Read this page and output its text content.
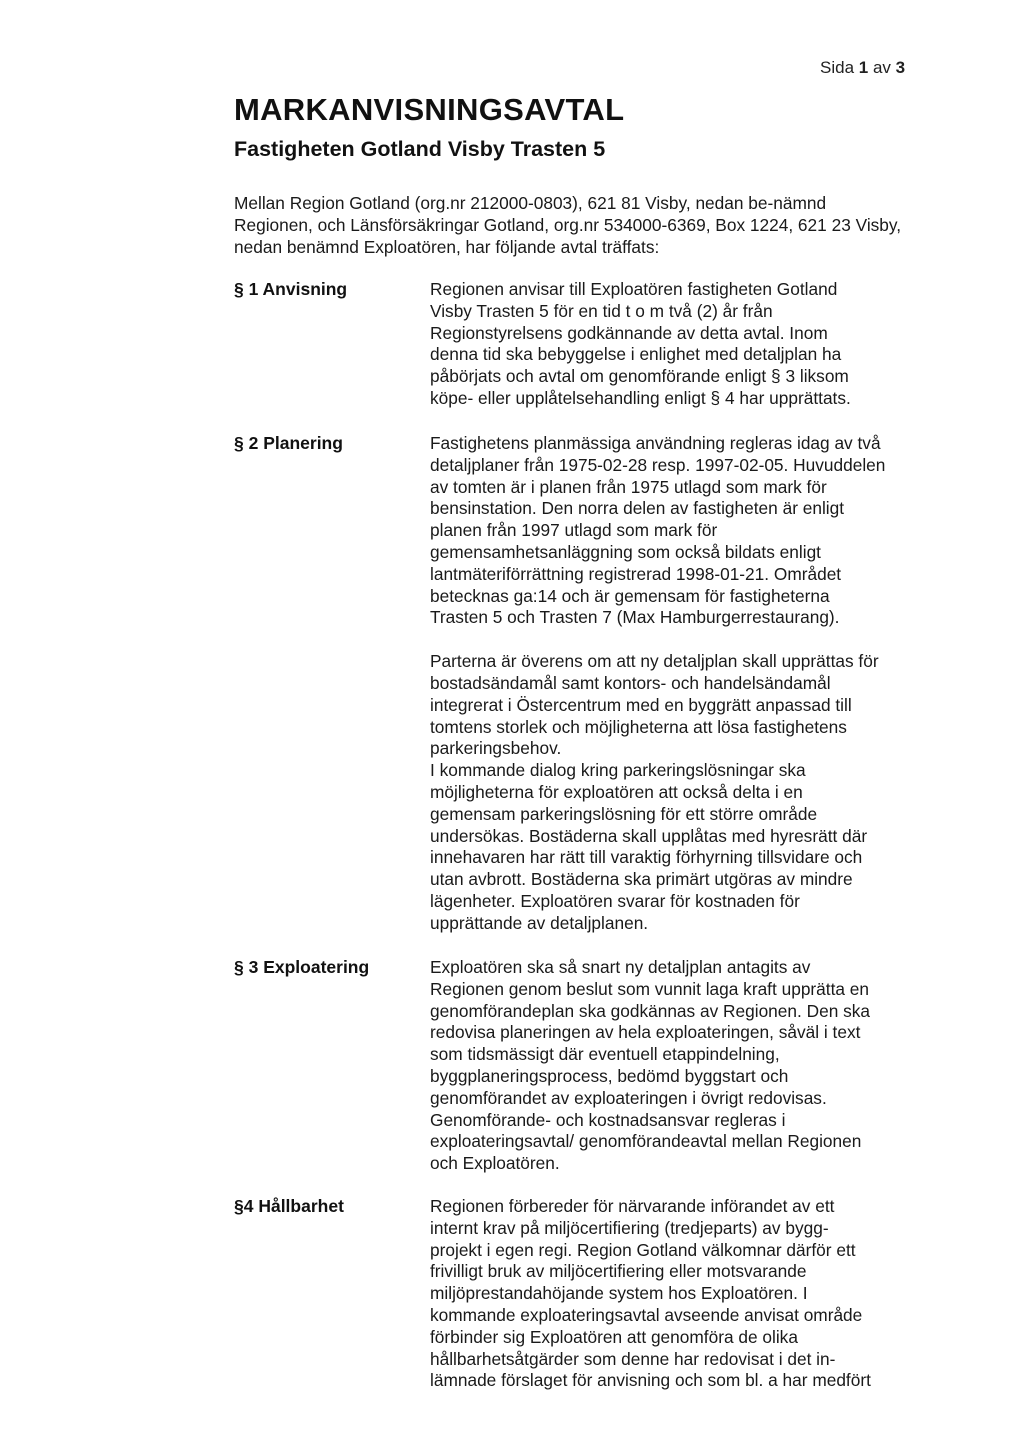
Sida 1 av 3
MARKANVISNINGSAVTAL
Fastigheten Gotland Visby Trasten 5
Mellan Region Gotland (org.nr 212000-0803), 621 81 Visby, nedan be-nämnd Regionen, och Länsförsäkringar Gotland, org.nr 534000-6369, Box 1224, 621 23 Visby, nedan benämnd Exploatören, har följande avtal träffats:
§ 1 Anvisning	Regionen anvisar till Exploatören fastigheten Gotland
Visby Trasten 5 för en tid t o m två (2) år från
Regionstyrelsens godkännande av detta avtal. Inom
denna tid ska bebyggelse i enlighet med detaljplan ha
påbörjats och avtal om genomförande enligt § 3 liksom
köpe- eller upplåtelsehandling enligt § 4 har upprättats.

§ 2 Planering	Fastighetens planmässiga användning regleras idag av två
detaljplaner från 1975-02-28 resp. 1997-02-05. Huvuddelen
av tomten är i planen från 1975 utlagd som mark för
bensinstation. Den norra delen av fastigheten är enligt
planen från 1997 utlagd som mark för
gemensamhetsanläggning som också bildats enligt
lantmäteriförrättning registrerad 1998-01-21. Området
betecknas ga:14 och är gemensam för fastigheterna
Trasten 5 och Trasten 7 (Max Hamburgerrestaurang).

Parterna är överens om att ny detaljplan skall upprättas för
bostadsändamål samt kontors- och handelsändamål
integrerat i Östercentrum med en byggrätt anpassad till
tomtens storlek och möjligheterna att lösa fastighetens
parkeringsbehov.
I kommande dialog kring parkeringslösningar ska
möjligheterna för exploatören att också delta i en
gemensam parkeringslösning för ett större område
undersökas. Bostäderna skall upplåtas med hyresrätt där
innehavaren har rätt till varaktig förhyrning tillsvidare och
utan avbrott. Bostäderna ska primärt utgöras av mindre
lägenheter. Exploatören svarar för kostnaden för
upprättande av detaljplanen.

§ 3 Exploatering	Exploatören ska så snart ny detaljplan antagits av
Regionen genom beslut som vunnit laga kraft upprätta en
genomförandeplan ska godkännas av Regionen. Den ska
redovisa planeringen av hela exploateringen, såväl i text
som tidsmässigt där eventuell etappindelning,
byggplaneringsprocess, bedömd byggstart och
genomförandet av exploateringen i övrigt redovisas.
Genomförande- och kostnadsansvar regleras i
exploateringsavtal/ genomförandeavtal mellan Regionen
och Exploatören.

§4 Hållbarhet	Regionen förbereder för närvarande införandet av ett
internt krav på miljöcertifiering (tredjeparts) av bygg-
projekt i egen regi. Region Gotland välkomnar därför ett
frivilligt bruk av miljöcertifiering eller motsvarande
miljöprestandahöjande system hos Exploatören. I
kommande exploateringsavtal avseende anvisat område
förbinder sig Exploatören att genomföra de olika
hållbarhetsåtgärder som denne har redovisat i det in-
lämnade förslaget för anvisning och som bl. a har medfört
